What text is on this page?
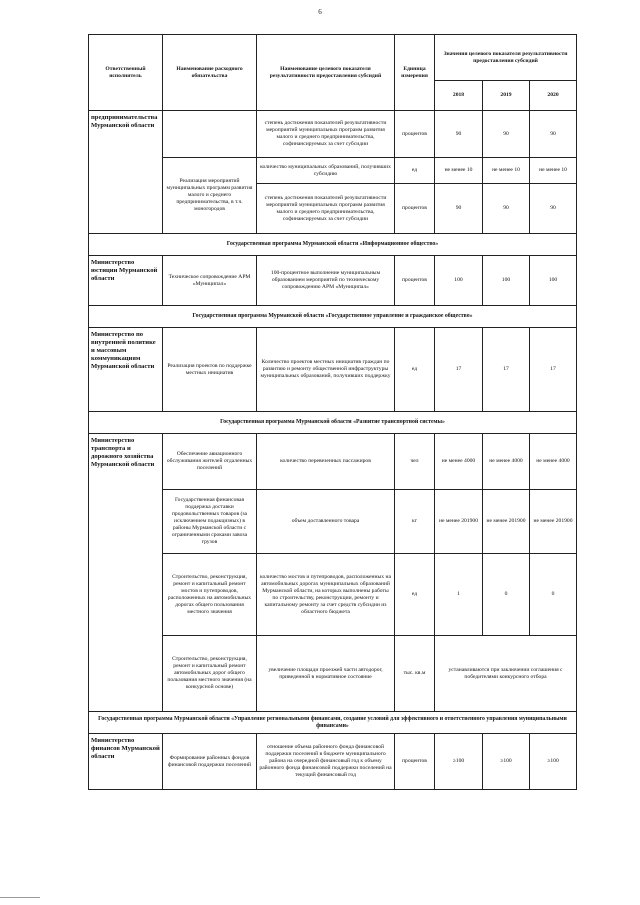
6
Ответственный исполнитель	Наименование расходного обязательства	Наименование целевого показателя результативности предоставления субсидий	Единица измерения	Значения целевого показателя результативности предоставления субсидий		
				2018	2019	2020
предпринимательства Мурманской области		степень достижения показателей результативности мероприятий муниципальных программ развития малого и среднего предпринимательства, софинансируемых за счет субсидии	процентов	90	90	90
	Реализация мероприятий муниципальных программ развития малого и среднего предпринимательства, в т.ч. моногородов	количество муниципальных образований, получивших субсидию	ед	не менее 10	не менее 10	не менее 10
		степень достижения показателей результативности мероприятий муниципальных программ развития малого и среднего предпринимательства, софинансируемых за счет субсидии	процентов	90	90	90
Государственная программа Мурманской области «Информационное общество»						
Министерство юстиции Мурманской области	Техническое сопровождение АРМ «Муниципал»	100-процентное выполнение муниципальным образованием мероприятий по техническому сопровождению АРМ «Муниципал»	процентов	100	100	100
Государственная программа Мурманской области «Государственное управление и гражданское общество»						
Министерство по внутренней политике и массовым коммуникациям Мурманской области	Реализация проектов по поддержке местных инициатив	Количество проектов местных инициатив граждан по развитию и ремонту общественной инфраструктуры муниципальных образований, получивших поддержку	ед	17	17	17
Государственная программа Мурманской области «Развитие транспортной системы»						
Министерство транспорта и дорожного хозяйства Мурманской области	Обеспечение авиационного обслуживания жителей отдаленных поселений	количество перевезенных пассажиров	чел	не менее 4000	не менее 4000	не менее 4000
	Государственная финансовая поддержка доставки продовольственных товаров (за исключением подакцизных) в районы Мурманской области с ограниченными сроками завоза грузов	объем доставленного товара	кг	не менее 201900	не менее 201900	не менее 201900
	Строительство, реконструкция, ремонт и капитальный ремонт мостов и путепроводов, расположенных на автомобильных дорогах общего пользования местного значения	количество мостов и путепроводов, расположенных на автомобильных дорогах муниципальных образований Мурманской области, на которых выполнены работы по строительству, реконструкции, ремонту и капитальному ремонту за счет средств субсидии из областного бюджета	ед	1	0	0
	Строительство, реконструкция, ремонт и капитальный ремонт автомобильных дорог общего пользования местного значения (на конкурсной основе)	увеличение площади проезжей части автодорог, приведенной в нормативное состояние	тыс. кв.м	устанавливаются при заключении соглашения с победителями конкурсного отбора		
Государственная программа Мурманской области «Управление региональными финансами, создание условий для эффективного и ответственного управления муниципальными финансами»						
Министерство финансов Мурманской области	Формирование районных фондов финансовой поддержки поселений	отношение объема районного фонда финансовой поддержки поселений в бюджете муниципального района на очередной финансовый год к объему районного фонда финансовой поддержки поселений на текущий финансовый год	процентов	≥100	≥100	≥100
